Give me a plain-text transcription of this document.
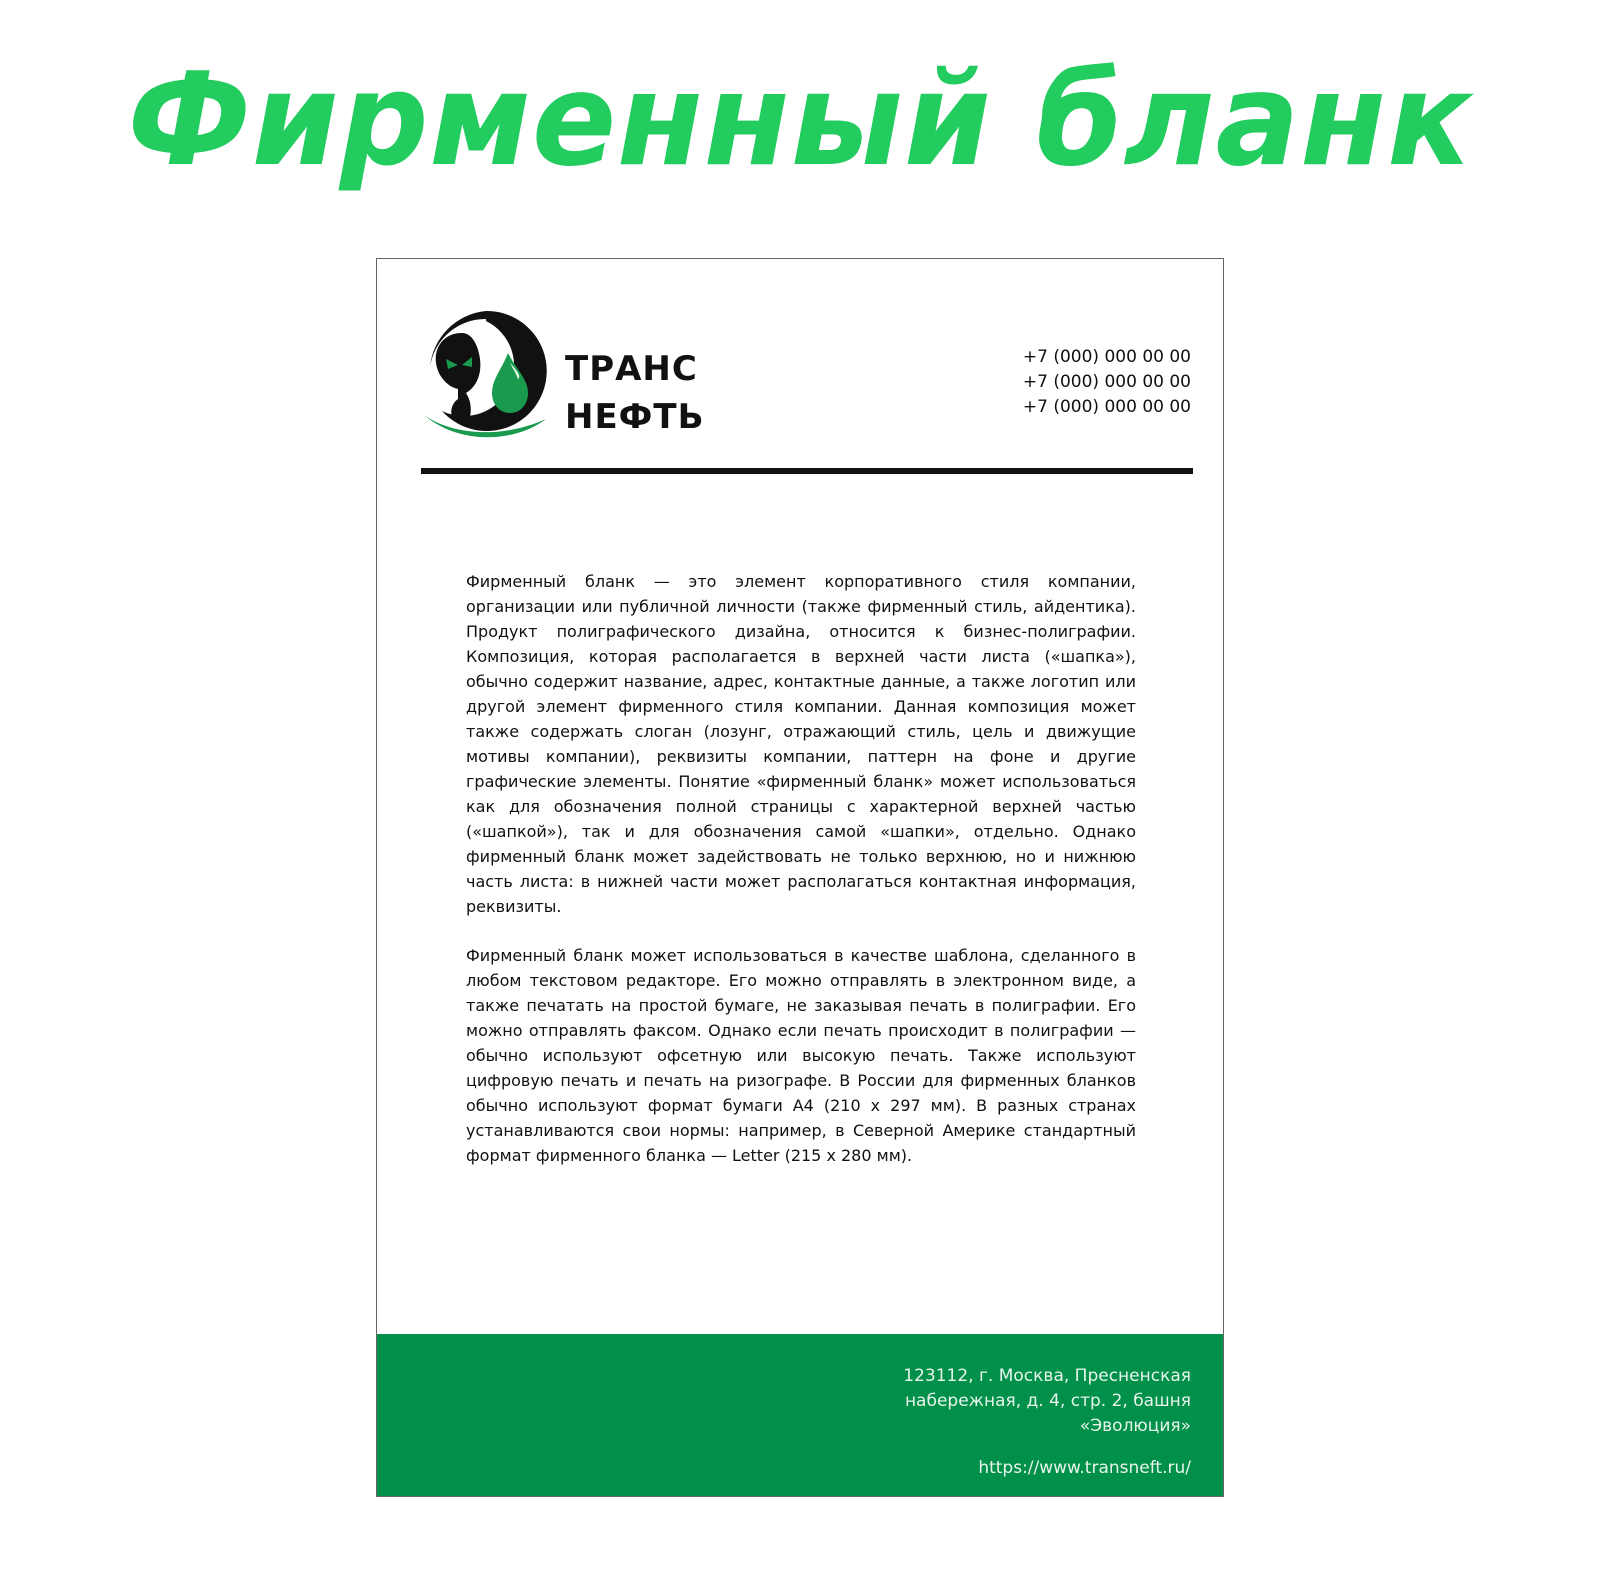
Фирменный бланк
ТРАНС
НЕФТЬ
+7 (000) 000 00 00
+7 (000) 000 00 00
+7 (000) 000 00 00

Фирменный бланк — это элемент корпоративного стиля компании, организации или публичной личности (также фирменный стиль, айдентика). Продукт полиграфического дизайна, относится к бизнес-полиграфии. Композиция, которая располагается в верхней части листа («шапка»), обычно содержит название, адрес, контактные данные, а также логотип или другой элемент фирменного стиля компании. Данная композиция может также содержать слоган (лозунг, отражающий стиль, цель и движущие мотивы компании), реквизиты компании, паттерн на фоне и другие графические элементы. Понятие «фирменный бланк» может использоваться как для обозначения полной страницы с характерной верхней частью («шапкой»), так и для обозначения самой «шапки», отдельно. Однако фирменный бланк может задействовать не только верхнюю, но и нижнюю часть листа: в нижней части может располагаться контактная информация, реквизиты.

Фирменный бланк может использоваться в качестве шаблона, сделанного в любом текстовом редакторе. Его можно отправлять в электронном виде, а также печатать на простой бумаге, не заказывая печать в полиграфии. Его можно отправлять факсом. Однако если печать происходит в полиграфии — обычно используют офсетную или высокую печать. Также используют цифровую печать и печать на ризографе. В России для фирменных бланков обычно используют формат бумаги А4 (210 x 297 мм). В разных странах устанавливаются свои нормы: например, в Северной Америке стандартный формат фирменного бланка — Letter (215 x 280 мм).

123112, г. Москва, Пресненская набережная, д. 4, стр. 2, башня «Эволюция»
https://www.transneft.ru/
